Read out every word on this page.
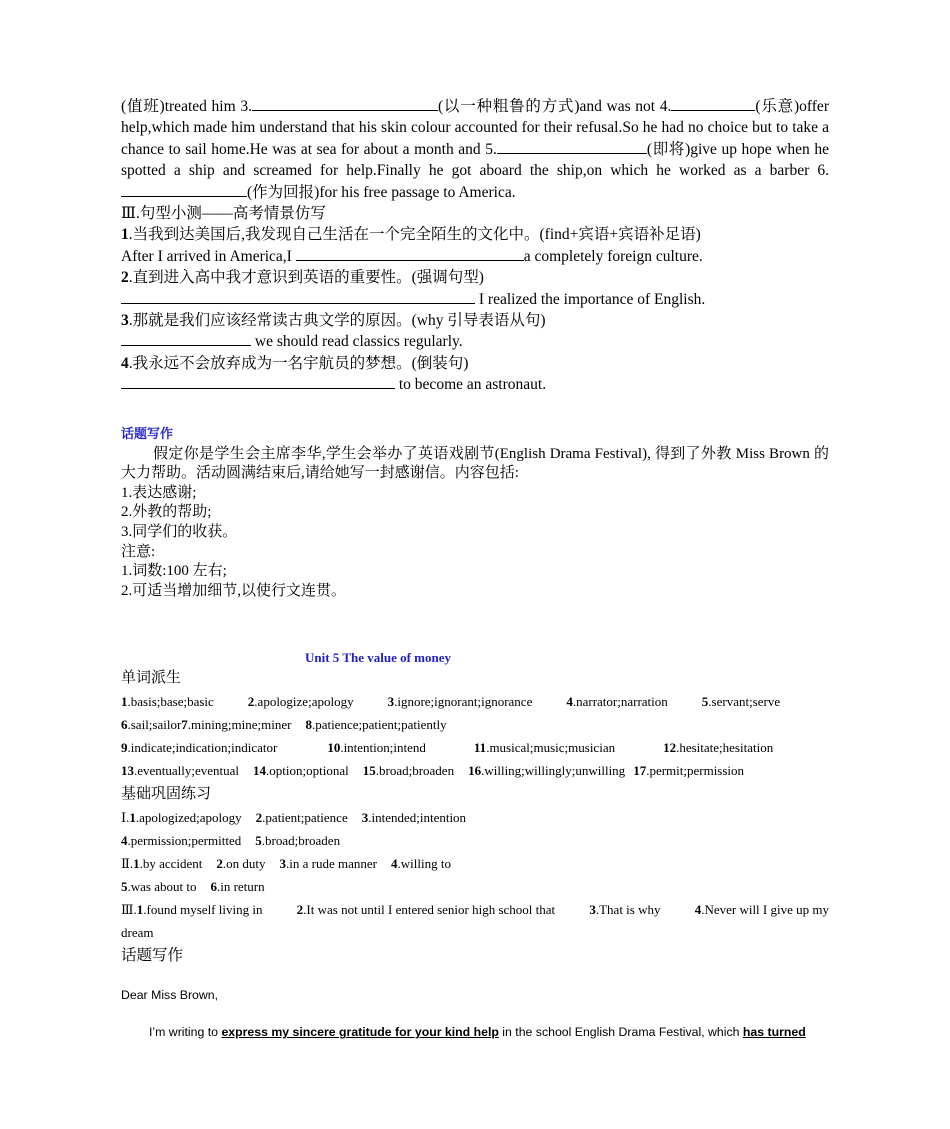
(值班)treated him 3.	(以一种粗鲁的方式)and was not 4.	(乐意)offer help,which made him understand that his skin colour accounted for their refusal.So he had no choice but to take a chance to sail home.He was at sea for about a month and 5.	(即将)give up hope when he spotted a ship and screamed for help.Finally he got aboard the ship,on which he worked as a barber 6.(作为回报)for his free passage to America.
Ⅲ.句型小测——高考情景仿写
1.当我到达美国后,我发现自己生活在一个完全陌生的文化中。(find+宾语+宾语补足语)
After I arrived in America,I	a completely foreign culture.
2.直到进入高中我才意识到英语的重要性。(强调句型)
I realized the importance of English.
3.那就是我们应该经常读古典文学的原因。(why 引导表语从句)
we should read classics regularly.
4.我永远不会放弃成为一名宇航员的梦想。(倒装句)
to become an astronaut.
话题写作
假定你是学生会主席李华,学生会举办了英语戏剧节(English Drama Festival), 得到了外教 Miss Brown 的大力帮助。活动圆满结束后,请给她写一封感谢信。内容包括:
1.表达感谢;
2.外教的帮助;
3.同学们的收获。
注意:
1.词数:100 左右;
2.可适当增加细节,以使行文连贯。
Unit 5 The value of money
单词派生
1.basis;base;basic	2.apologize;apology	3.ignore;ignorant;ignorance	4.narrator;narration	5.servant;serve
6.sail;sailor7.mining;mine;miner 8.patience;patient;patiently
9.indicate;indication;indicator	10.intention;intend	11.musical;music;musician	12.hesitate;hesitation
13.eventually;eventual 14.option;optional 15.broad;broaden 16.willing;willingly;unwilling 17.permit;permission
基础巩固练习
Ⅰ.1.apologized;apology 2.patient;patience 3.intended;intention
4.permission;permitted 5.broad;broaden
Ⅱ.1.by accident 2.on duty 3.in a rude manner 4.willing to
5.was about to 6.in return
Ⅲ.1.found myself living in	2.It was not until I entered senior high school that	3.That is why	4.Never will I give up my
dream
话题写作
Dear Miss Brown,
I’m writing to express my sincere gratitude for your kind help in the school English Drama Festival, which has turned
